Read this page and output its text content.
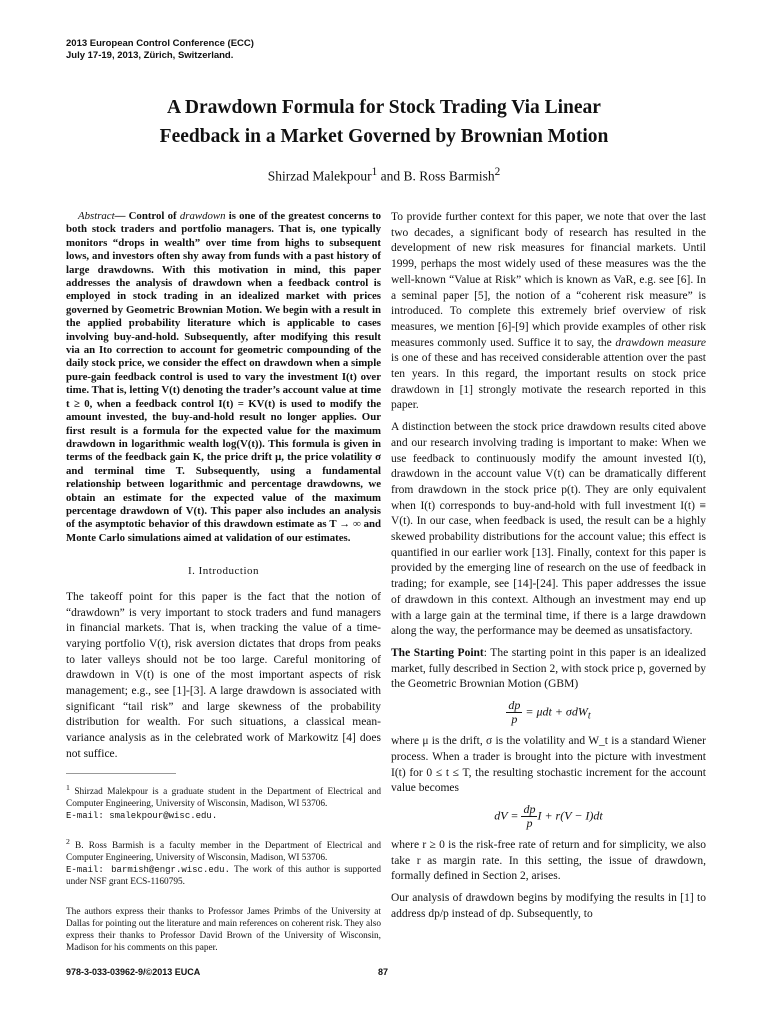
2013 European Control Conference (ECC)
July 17-19, 2013, Zürich, Switzerland.
A Drawdown Formula for Stock Trading Via Linear
Feedback in a Market Governed by Brownian Motion
Shirzad Malekpour$^1$ and B. Ross Barmish$^2$

Abstract— Control of drawdown is one of the greatest concerns to both stock traders and portfolio managers. That is, one typically monitors “drops in wealth” over time from highs to subsequent lows, and investors often shy away from funds with a past history of large drawdowns. With this motivation in mind, this paper addresses the analysis of drawdown when a feedback control is employed in stock trading in an idealized market with prices governed by Geometric Brownian Motion. We begin with a result in the applied probability literature which is applicable to cases involving buy-and-hold. Subsequently, after modifying this result via an Ito correction to account for geometric compounding of the daily stock price, we consider the effect on drawdown when a simple pure-gain feedback control is used to vary the investment I(t) over time. That is, letting V(t) denoting the trader’s account value at time t ≥ 0, when a feedback control I(t) = KV(t) is used to modify the amount invested, the buy-and-hold result no longer applies. Our first result is a formula for the expected value for the maximum drawdown in logarithmic wealth log(V(t)). This formula is given in terms of the feedback gain K, the price drift μ, the price volatility σ and terminal time T. Subsequently, using a fundamental relationship between logarithmic and percentage drawdowns, we obtain an estimate for the expected value of the maximum percentage drawdown of V(t). This paper also includes an analysis of the asymptotic behavior of this drawdown estimate as T → ∞ and Monte Carlo simulations aimed at validation of our estimates.

I. Introduction

The takeoff point for this paper is the fact that the notion of “drawdown” is very important to stock traders and fund managers in financial markets. That is, when tracking the value of a time-varying portfolio V(t), risk aversion dictates that drops from peaks to later valleys should not be too large. Careful monitoring of drawdown in V(t) is one of the most important aspects of risk management; e.g., see [1]-[3]. A large drawdown is associated with significant “tail risk” and large skewness of the probability distribution for wealth. For such situations, a classical mean-variance analysis as in the celebrated work of Markowitz [4] does not suffice.

$^1$ Shirzad Malekpour is a graduate student in the Department of Electrical and Computer Engineering, University of Wisconsin, Madison, WI 53706.
E-mail: smalekpour@wisc.edu.
$^2$ B. Ross Barmish is a faculty member in the Department of Electrical and Computer Engineering, University of Wisconsin, Madison, WI 53706.
E-mail: barmish@engr.wisc.edu. The work of this author is supported under NSF grant ECS-1160795.
The authors express their thanks to Professor James Primbs of the University at Dallas for pointing out the literature and main references on coherent risk. They also express their thanks to Professor David Brown of the University of Wisconsin, Madison for his comments on this paper.

To provide further context for this paper, we note that over the last two decades, a significant body of research has resulted in the development of new risk measures for financial markets. Until 1999, perhaps the most widely used of these measures was the the well-known “Value at Risk” which is known as VaR, e.g. see [6]. In a seminal paper [5], the notion of a “coherent risk measure” is introduced. To complete this extremely brief overview of risk measures, we mention [6]-[9] which provide examples of other risk measures commonly used. Suffice it to say, the drawdown measure is one of these and has received considerable attention over the past ten years. In this regard, the important results on stock price drawdown in [1] strongly motivate the research reported in this paper.

A distinction between the stock price drawdown results cited above and our research involving trading is important to make: When we use feedback to continuously modify the amount invested I(t), drawdown in the account value V(t) can be dramatically different from drawdown in the stock price p(t). They are only equivalent when I(t) corresponds to buy-and-hold with full investment I(t) ≡ V(t). In our case, when feedback is used, the result can be a highly skewed probability distributions for the account value; this effect is quantified in our earlier work [13]. Finally, context for this paper is provided by the emerging line of research on the use of feedback in trading; for example, see [14]-[24]. This paper addresses the issue of drawdown in this context. Although an investment may end up with a large gain at the terminal time, if there is a large drawdown along the way, the performance may be deemed as unsatisfactory.

The Starting Point: The starting point in this paper is an idealized market, fully described in Section 2, with stock price p, governed by the Geometric Brownian Motion (GBM)

$\frac{dp}{p} = \mu dt + \sigma dW_t$

where μ is the drift, σ is the volatility and W_t is a standard Wiener process. When a trader is brought into the picture with investment I(t) for 0 ≤ t ≤ T, the resulting stochastic increment for the account value becomes

dV = $\frac{dp}{p}$ I + r(V − I)dt

where r ≥ 0 is the risk-free rate of return and for simplicity, we also take r as margin rate. In this setting, the issue of drawdown, formally defined in Section 2, arises.

Our analysis of drawdown begins by modifying the results in [1] to address dp/p instead of dp. Subsequently, to

978-3-033-03962-9/©2013 EUCA	87
